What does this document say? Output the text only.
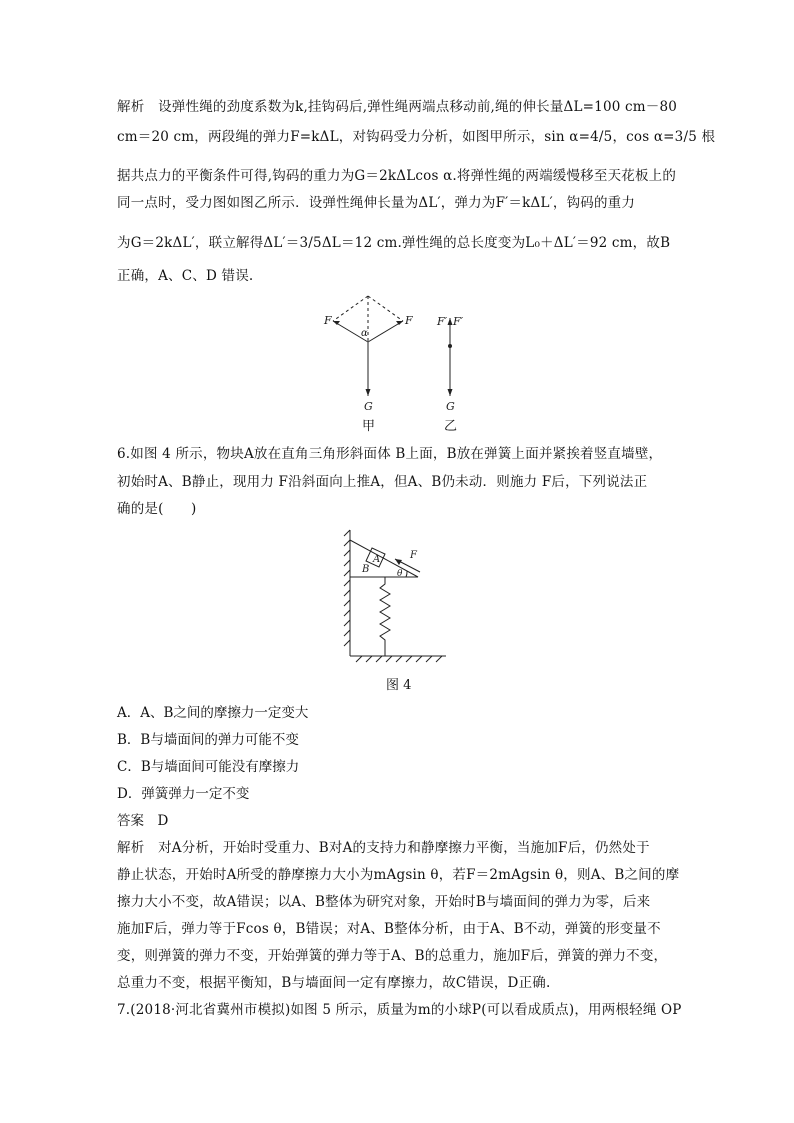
解析　设弹性绳的劲度系数为k,挂钩码后,弹性绳两端点移动前,绳的伸长量ΔL=100 cm－80
cm＝20 cm，两段绳的弹力F=kΔL，对钩码受力分析，如图甲所示，sin α=4/5，cos α=3/5 根
据共点力的平衡条件可得,钩码的重力为G＝2kΔLcos α.将弹性绳的两端缓慢移至天花板上的
同一点时，受力图如图乙所示．设弹性绳伸长量为ΔL′，弹力为F′＝kΔL′，钩码的重力
为G＝2kΔL′，联立解得ΔL′＝3/5ΔL＝12 cm.弹性绳的总长度变为L₀＋ΔL′＝92 cm，故B
正确，A、C、D 错误.
F	F
α
G
F′ F′
G
甲	乙
6.如图 4 所示，物块A放在直角三角形斜面体 B上面，B放在弹簧上面并紧挨着竖直墙壁，
初始时A、B静止，现用力 F沿斜面向上推A，但A、B仍未动．则施力 F后，下列说法正
确的是(　　)
A
B
F
θ
图 4
A．A、B之间的摩擦力一定变大
B．B与墙面间的弹力可能不变
C．B与墙面间可能没有摩擦力
D．弹簧弹力一定不变
答案　D
解析　对A分析，开始时受重力、B对A的支持力和静摩擦力平衡，当施加F后，仍然处于
静止状态，开始时A所受的静摩擦力大小为mAgsin θ，若F＝2mAgsin θ，则A、B之间的摩
擦力大小不变，故A错误；以A、B整体为研究对象，开始时B与墙面间的弹力为零，后来
施加F后，弹力等于Fcos θ，B错误；对A、B整体分析，由于A、B不动，弹簧的形变量不
变，则弹簧的弹力不变，开始弹簧的弹力等于A、B的总重力，施加F后，弹簧的弹力不变，
总重力不变，根据平衡知，B与墙面间一定有摩擦力，故C错误，D正确.
7.(2018·河北省冀州市模拟)如图 5 所示，质量为m的小球P(可以看成质点)，用两根轻绳 OP
